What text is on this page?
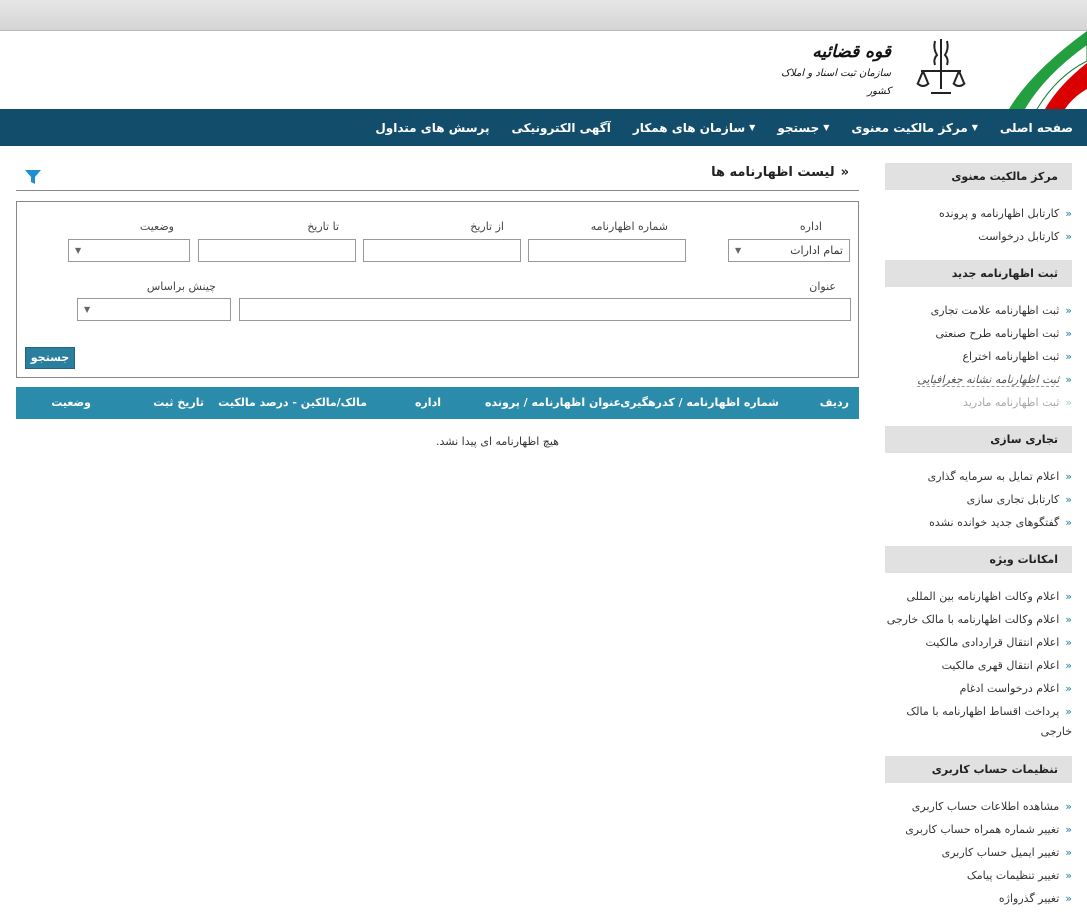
قوه قضائیه
سازمان ثبت اسناد و املاک کشور
صفحه اصلی
▼
مرکز مالکیت معنوی
▼
جستجو
▼
سازمان های همکار
آگهی الکترونیکی
پرسش های متداول
مرکز مالکیت معنوی
«کارتابل اظهارنامه و پرونده
«کارتابل درخواست
ثبت اظهارنامه جدید
«ثبت اظهارنامه علامت تجاری
«ثبت اظهارنامه طرح صنعتی
«ثبت اظهارنامه اختراع
«ثبت اظهارنامه نشانه جغرافیایی
«ثبت اظهارنامه مادرید
تجاری سازی
«اعلام تمایل به سرمایه گذاری
«کارتابل تجاری سازی
«گفتگوهای جدید خوانده نشده
امکانات ویژه
«اعلام وکالت اظهارنامه بین المللی
«اعلام وکالت اظهارنامه با مالک خارجی
«اعلام انتقال قراردادی مالکیت
«اعلام انتقال قهری مالکیت
«اعلام درخواست ادغام
«پرداخت اقساط اظهارنامه با مالک خارجی
تنظیمات حساب کاربری
«مشاهده اطلاعات حساب کاربری
«تغییر شماره همراه حساب کاربری
«تغییر ایمیل حساب کاربری
«تغییر تنظیمات پیامک
«تغییر گذرواژه
«لیست اظهارنامه ها
اداره
تمام ادارات
▼
شماره اظهارنامه
از تاریخ
تا تاریخ
وضعیت
▼
عنوان
چینش براساس
▼
جستجو
ردیف
شماره اظهارنامه / کدرهگیری
عنوان اظهارنامه / پرونده
اداره
مالک/مالکین - درصد مالکیت
تاریخ ثبت
وضعیت
هیچ اظهارنامه ای پیدا نشد.
